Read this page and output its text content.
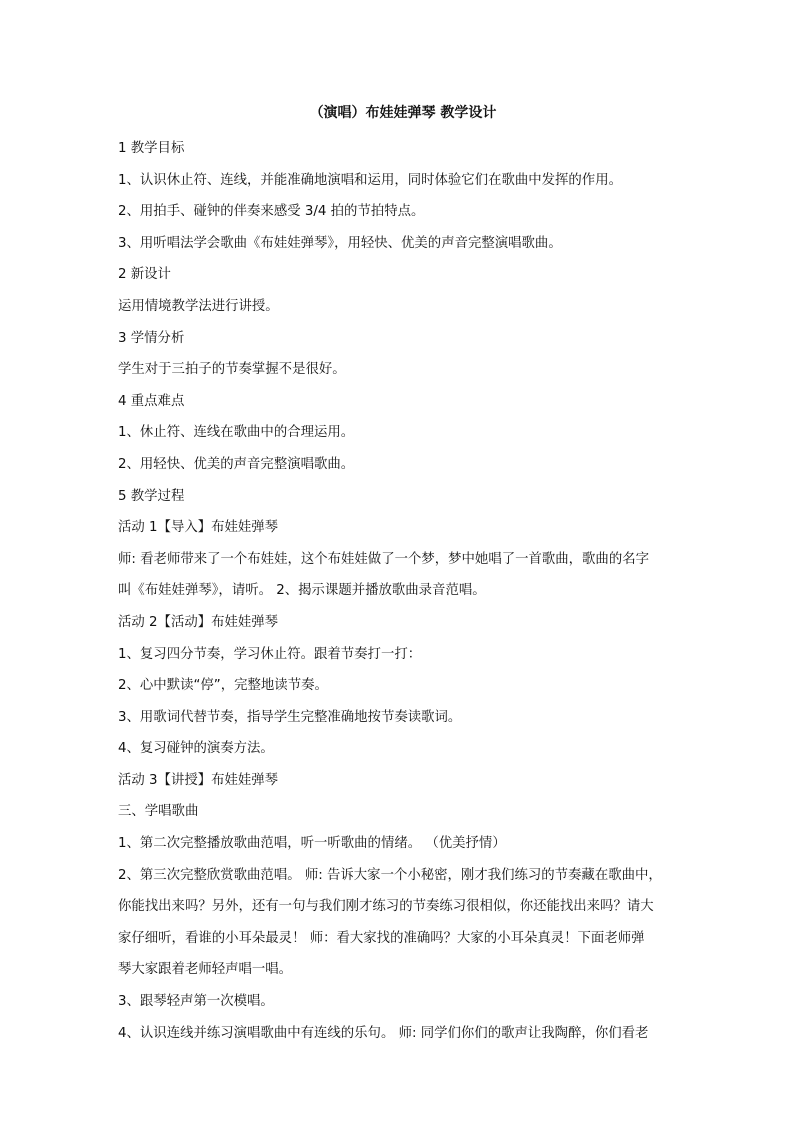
（演唱）布娃娃弹琴 教学设计

1 教学目标

1、认识休止符、连线，并能准确地演唱和运用，同时体验它们在歌曲中发挥的作用。

2、用拍手、碰钟的伴奏来感受 3/4 拍的节拍特点。

3、用听唱法学会歌曲《布娃娃弹琴》，用轻快、优美的声音完整演唱歌曲。

2 新设计

运用情境教学法进行讲授。

3 学情分析

学生对于三拍子的节奏掌握不是很好。

4 重点难点

1、休止符、连线在歌曲中的合理运用。

2、用轻快、优美的声音完整演唱歌曲。

5 教学过程

活动 1【导入】布娃娃弹琴

师: 看老师带来了一个布娃娃，这个布娃娃做了一个梦，梦中她唱了一首歌曲，歌曲的名字
叫《布娃娃弹琴》，请听。 2、揭示课题并播放歌曲录音范唱。

活动 2【活动】布娃娃弹琴

1、复习四分节奏，学习休止符。跟着节奏打一打：

2、心中默读“停”，完整地读节奏。

3、用歌词代替节奏，指导学生完整准确地按节奏读歌词。

4、复习碰钟的演奏方法。

活动 3【讲授】布娃娃弹琴

三、学唱歌曲

1、第二次完整播放歌曲范唱，听一听歌曲的情绪。 （优美抒情）

2、第三次完整欣赏歌曲范唱。 师: 告诉大家一个小秘密，刚才我们练习的节奏藏在歌曲中，
你能找出来吗？另外，还有一句与我们刚才练习的节奏练习很相似，你还能找出来吗？请大
家仔细听，看谁的小耳朵最灵！ 师：看大家找的准确吗？大家的小耳朵真灵！下面老师弹
琴大家跟着老师轻声唱一唱。

3、跟琴轻声第一次模唱。

4、认识连线并练习演唱歌曲中有连线的乐句。 师: 同学们你们的歌声让我陶醉，你们看老
